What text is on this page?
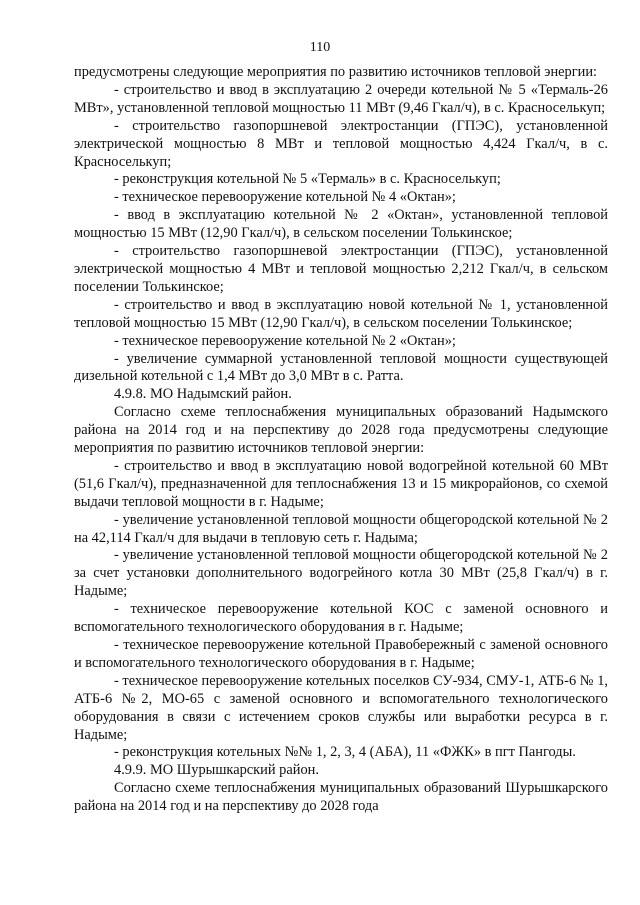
110

предусмотрены следующие мероприятия по развитию источников тепловой энергии:

- строительство и ввод в эксплуатацию 2 очереди котельной № 5 «Термаль-26 МВт», установленной тепловой мощностью 11 МВт (9,46 Гкал/ч), в с. Красноселькуп;

- строительство газопоршневой электростанции (ГПЭС), установленной электрической мощностью 8 МВт и тепловой мощностью 4,424 Гкал/ч, в с. Красноселькуп;

- реконструкция котельной № 5 «Термаль» в с. Красноселькуп;

- техническое перевооружение котельной № 4 «Октан»;

- ввод в эксплуатацию котельной № 2 «Октан», установленной тепловой мощностью 15 МВт (12,90 Гкал/ч), в сельском поселении Толькинское;

- строительство газопоршневой электростанции (ГПЭС), установленной электрической мощностью 4 МВт и тепловой мощностью 2,212 Гкал/ч, в сельском поселении Толькинское;

- строительство и ввод в эксплуатацию новой котельной № 1, установленной тепловой мощностью 15 МВт (12,90 Гкал/ч), в сельском поселении Толькинское;

- техническое перевооружение котельной № 2 «Октан»;

- увеличение суммарной установленной тепловой мощности существующей дизельной котельной с 1,4 МВт до 3,0 МВт в с. Ратта.

4.9.8. МО Надымский район.

Согласно схеме теплоснабжения муниципальных образований Надымского района на 2014 год и на перспективу до 2028 года предусмотрены следующие мероприятия по развитию источников тепловой энергии:

- строительство и ввод в эксплуатацию новой водогрейной котельной 60 МВт (51,6 Гкал/ч), предназначенной для теплоснабжения 13 и 15 микрорайонов, со схемой выдачи тепловой мощности в г. Надыме;

- увеличение установленной тепловой мощности общегородской котельной № 2 на 42,114 Гкал/ч для выдачи в тепловую сеть г. Надыма;

- увеличение установленной тепловой мощности общегородской котельной № 2 за счет установки дополнительного водогрейного котла 30 МВт (25,8 Гкал/ч) в г. Надыме;

- техническое перевооружение котельной КОС с заменой основного и вспомогательного технологического оборудования в г. Надыме;

- техническое перевооружение котельной Правобережный с заменой основного и вспомогательного технологического оборудования в г. Надыме;

- техническое перевооружение котельных поселков СУ-934, СМУ-1, АТБ-6 № 1, АТБ-6 №2, МО-65 с заменой основного и вспомогательного технологического оборудования в связи с истечением сроков службы или выработки ресурса в г. Надыме;

- реконструкция котельных №№ 1, 2, 3, 4 (АБА), 11 «ФЖК» в пгт Пангоды.

4.9.9. МО Шурышкарский район.

Согласно схеме теплоснабжения муниципальных образований Шурышкарского района на 2014 год и на перспективу до 2028 года
